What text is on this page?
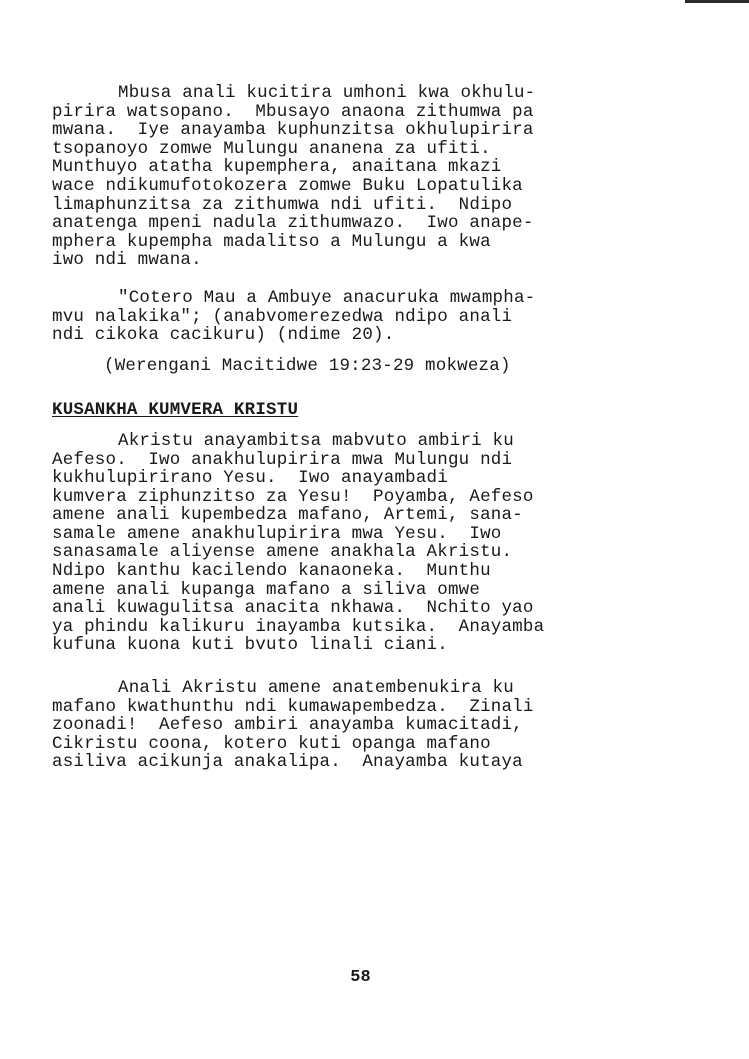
Mbusa anali kucitira umhoni kwa okhulu-
pirira watsopano.  Mbusayo anaona zithumwa pa
mwana.  Iye anayamba kuphunzitsa okhulupirira
tsopanoyo zomwe Mulungu ananena za ufiti.
Munthuyo atatha kupemphera, anaitana mkazi
wace ndikumufotokozera zomwe Buku Lopatulika
limaphunzitsa za zithumwa ndi ufiti.  Ndipo
anatenga mpeni nadula zithumwazo.  Iwo anape-
mphera kupempha madalitso a Mulungu a kwa
iwo ndi mwana.
"Cotero Mau a Ambuye anacuruka mwampha-
mvu nalakika"; (anabvomerezedwa ndipo anali
ndi cikoka cacikuru) (ndime 20).
(Werengani Macitidwe 19:23-29 mokweza)
KUSANKHA KUMVERA KRISTU
Akristu anayambitsa mabvuto ambiri ku
Aefeso.  Iwo anakhulupirira mwa Mulungu ndi
kukhulupirirano Yesu.  Iwo anayambadi
kumvera ziphunzitso za Yesu!  Poyamba, Aefeso
amene anali kupembedza mafano, Artemi, sana-
samale amene anakhulupirira mwa Yesu.  Iwo
sanasamale aliyense amene anakhala Akristu.
Ndipo kanthu kacilendo kanaoneka.  Munthu
amene anali kupanga mafano a siliva omwe
anali kuwagulitsa anacita nkhawa.  Nchito yao
ya phindu kalikuru inayamba kutsika.  Anayamba
kufuna kuona kuti bvuto linali ciani.
Anali Akristu amene anatembenukira ku
mafano kwathunthu ndi kumawapembedza.  Zinali
zoonadi!  Aefeso ambiri anayamba kumacitadi,
Cikristu coona, kotero kuti opanga mafano
asiliva acikunja anakalipa.  Anayamba kutaya
58
